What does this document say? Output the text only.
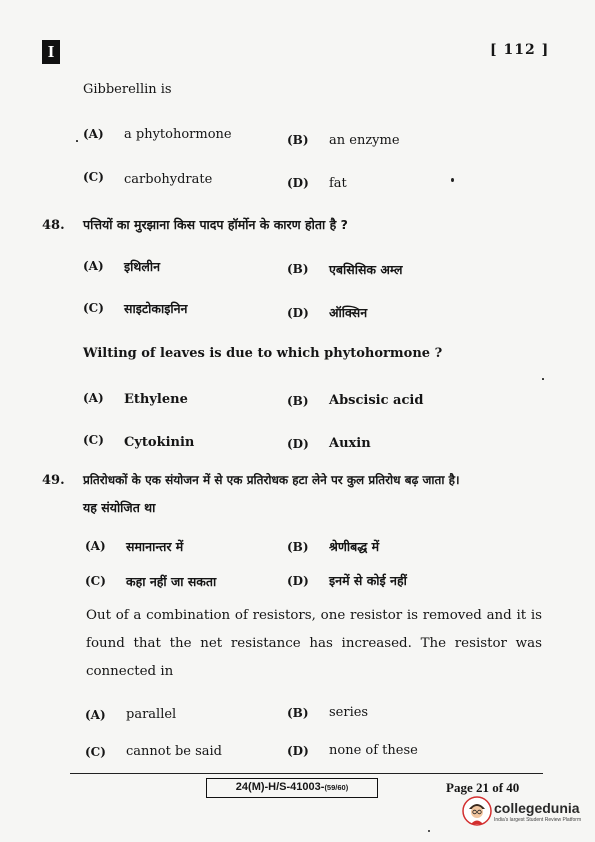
I	[ 112 ]
Gibberellin is
(A) a phytohormone	(B) an enzyme
(C) carbohydrate	(D) fat
48. पत्तियों का मुरझाना किस पादप हॉर्मोन के कारण होता है ?
(A) इथिलीन	(B) एबसिसिक अम्ल
(C) साइटोकाइनिन	(D) ऑक्सिन
Wilting of leaves is due to which phytohormone ?
(A) Ethylene	(B) Abscisic acid
(C) Cytokinin	(D) Auxin
49. प्रतिरोधकों के एक संयोजन में से एक प्रतिरोधक हटा लेने पर कुल प्रतिरोध बढ़ जाता है।
यह संयोजित था
(A) समानान्तर में	(B) श्रेणीबद्ध में
(C) कहा नहीं जा सकता	(D) इनमें से कोई नहीं
Out of a combination of resistors, one resistor is removed and it is found that the net resistance has increased. The resistor was connected in
(A) parallel	(B) series
(C) cannot be said	(D) none of these
24(M)-H/S-41003-(59/60)	Page 21 of 40
collegedunia
India's largest Student Review Platform
